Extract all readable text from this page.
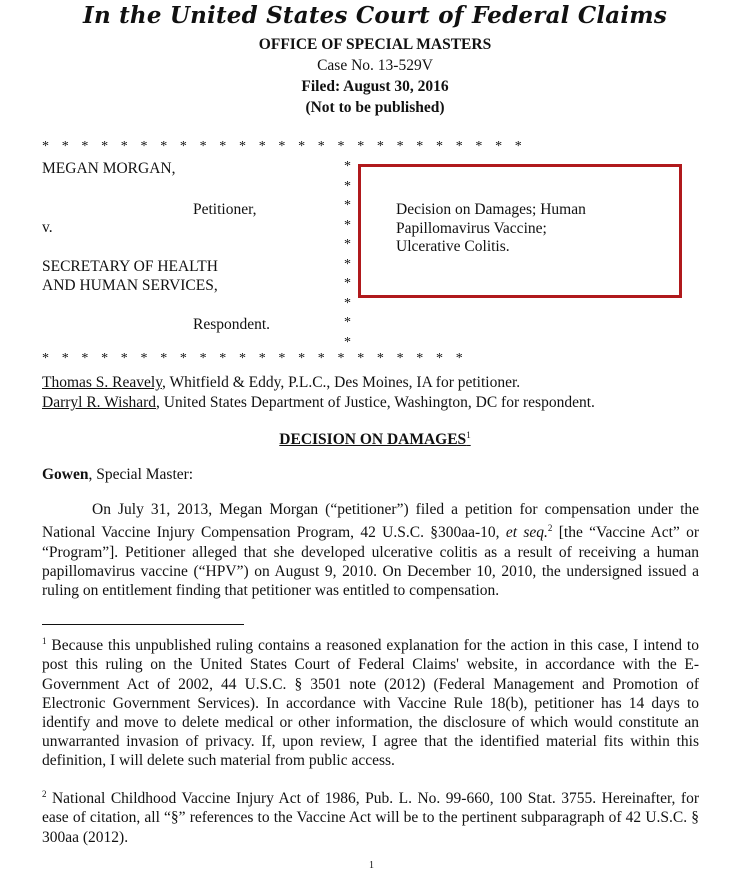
In the United States Court of Federal Claims
OFFICE OF SPECIAL MASTERS
Case No. 13-529V
Filed: August 30, 2016
(Not to be published)
* * * * * * * * * * * * * * * * * * * * * * * * *
*
*
*
*
*
*
*
*
*
*
MEGAN MORGAN,
Petitioner,
v.
SECRETARY OF HEALTH
AND HUMAN SERVICES,
Respondent.
Decision on Damages; Human
Papillomavirus Vaccine;
Ulcerative Colitis.
* * * * * * * * * * * * * * * * * * * * * *
Thomas S. Reavely, Whitfield & Eddy, P.L.C., Des Moines, IA for petitioner.
Darryl R. Wishard, United States Department of Justice, Washington, DC for respondent.
DECISION ON DAMAGES$^1$
Gowen, Special Master:
On July 31, 2013, Megan Morgan (“petitioner”) filed a petition for compensation under the National Vaccine Injury Compensation Program, 42 U.S.C. §300aa-10, et seq.$^2$ [the “Vaccine Act” or “Program”]. Petitioner alleged that she developed ulcerative colitis as a result of receiving a human papillomavirus vaccine (“HPV”) on August 9, 2010. On December 10, 2010, the undersigned issued a ruling on entitlement finding that petitioner was entitled to compensation.
$^1$ Because this unpublished ruling contains a reasoned explanation for the action in this case, I intend to post this ruling on the United States Court of Federal Claims' website, in accordance with the E-Government Act of 2002, 44 U.S.C. § 3501 note (2012) (Federal Management and Promotion of Electronic Government Services). In accordance with Vaccine Rule 18(b), petitioner has 14 days to identify and move to delete medical or other information, the disclosure of which would constitute an unwarranted invasion of privacy. If, upon review, I agree that the identified material fits within this definition, I will delete such material from public access.
$^2$ National Childhood Vaccine Injury Act of 1986, Pub. L. No. 99-660, 100 Stat. 3755. Hereinafter, for ease of citation, all “§” references to the Vaccine Act will be to the pertinent subparagraph of 42 U.S.C. § 300aa (2012).
1
